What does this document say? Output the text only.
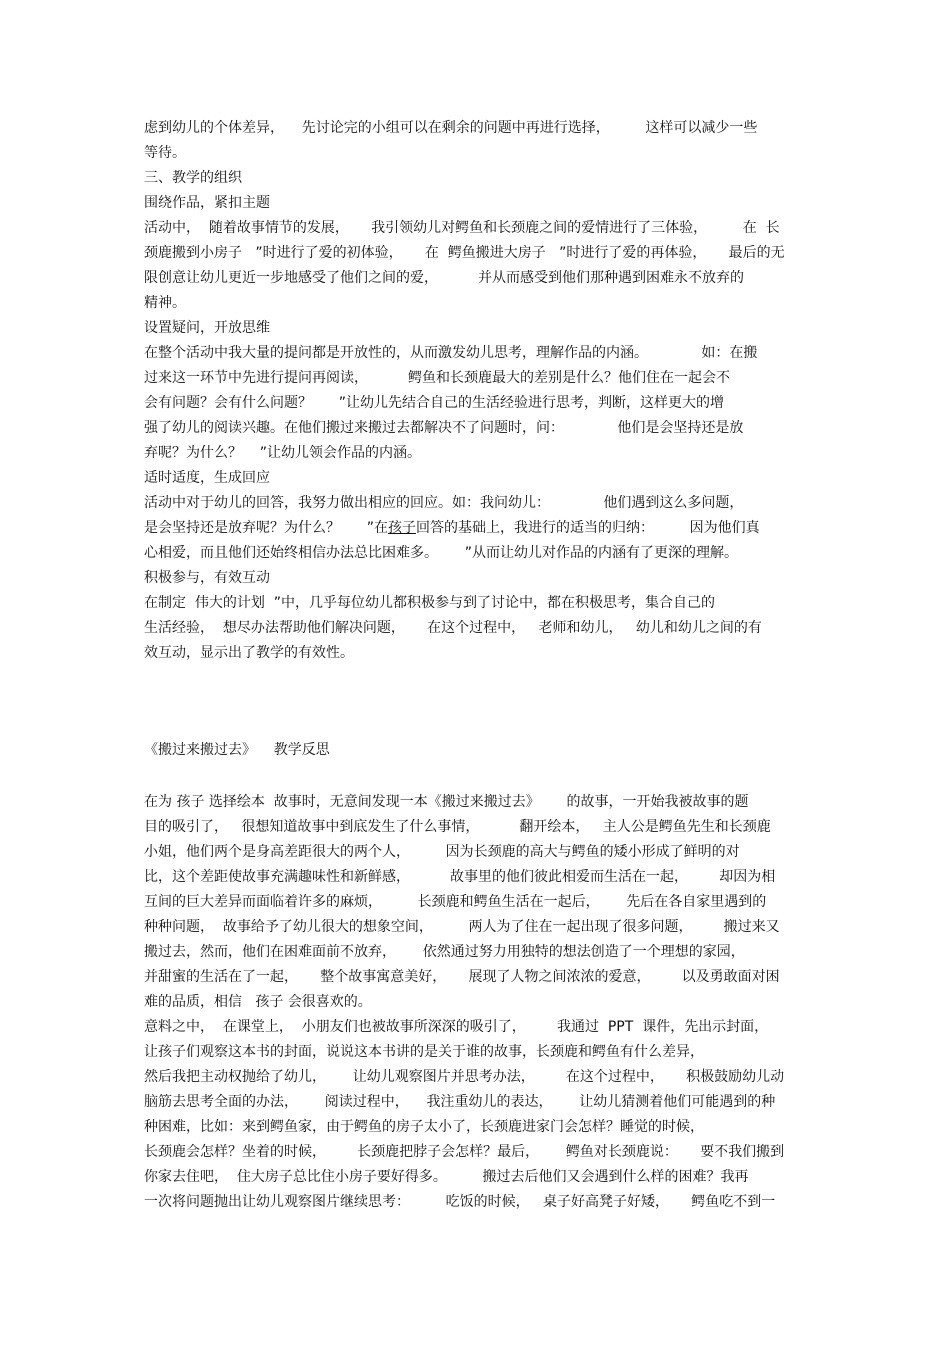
虑到幼儿的个体差异，    先讨论完的小组可以在剩余的问题中再进行选择，        这样可以减少一些
等待。
三、教学的组织
围绕作品，紧扣主题
活动中，  随着故事情节的发展，     我引领幼儿对鳄鱼和长颈鹿之间的爱情进行了三体验，        在  长
颈鹿搬到小房子   ”时进行了爱的初体验，     在  鳄鱼搬进大房子   ”时进行了爱的再体验，     最后的无
限创意让幼儿更近一步地感受了他们之间的爱，         并从而感受到他们那种遇到困难永不放弃的
精神。
设置疑问，开放思维
在整个活动中我大量的提问都是开放性的，从而激发幼儿思考，理解作品的内涵。            如：在搬
过来这一环节中先进行提问再阅读，         鳄鱼和长颈鹿最大的差别是什么？他们住在一起会不
会有问题？会有什么问题？      ”让幼儿先结合自己的生活经验进行思考，判断，这样更大的增
强了幼儿的阅读兴趣。在他们搬过来搬过去都解决不了问题时，问：            他们是会坚持还是放
弃呢？为什么？    ”让幼儿领会作品的内涵。
适时适度，生成回应
活动中对于幼儿的回答，我努力做出相应的回应。如：我问幼儿：            他们遇到这么多问题，
是会坚持还是放弃呢？为什么？      ”在孩子回答的基础上，我进行的适当的归纳：        因为他们真
心相爱，而且他们还始终相信办法总比困难多。      ”从而让幼儿对作品的内涵有了更深的理解。
积极参与，有效互动
在制定  伟大的计划  ”中，几乎每位幼儿都积极参与到了讨论中，都在积极思考，集合自己的
生活经验，  想尽办法帮助他们解决问题，     在这个过程中，   老师和幼儿，   幼儿和幼儿之间的有
效互动，显示出了教学的有效性。
《搬过来搬过去》    教学反思
在为 孩子 选择绘本  故事时，无意间发现一本《搬过来搬过去》      的故事，一开始我被故事的题
目的吸引了，   很想知道故事中到底发生了什么事情，         翻开绘本，   主人公是鳄鱼先生和长颈鹿
小姐，他们两个是身高差距很大的两个人，        因为长颈鹿的高大与鳄鱼的矮小形成了鲜明的对
比，这个差距使故事充满趣味性和新鲜感，         故事里的他们彼此相爱而生活在一起，       却因为相
互间的巨大差异而面临着许多的麻烦，        长颈鹿和鳄鱼生活在一起后，      先后在各自家里遇到的
种种问题，  故事给予了幼儿很大的想象空间，        两人为了住在一起出现了很多问题，       搬过来又
搬过去，然而，他们在困难面前不放弃，      依然通过努力用独特的想法创造了一个理想的家园，
并甜蜜的生活在了一起，     整个故事寓意美好，     展现了人物之间浓浓的爱意，       以及勇敢面对困
难的品质，相信   孩子 会很喜欢的。
意料之中，  在课堂上，  小朋友们也被故事所深深的吸引了，       我通过  PPT  课件，先出示封面，
让孩子们观察这本书的封面，说说这本书讲的是关于谁的故事，长颈鹿和鳄鱼有什么差异，
然后我把主动权抛给了幼儿，      让幼儿观察图片并思考办法，       在这个过程中，     积极鼓励幼儿动
脑筋去思考全面的办法，      阅读过程中，    我注重幼儿的表达，      让幼儿猜测着他们可能遇到的种
种困难，比如：来到鳄鱼家，由于鳄鱼的房子太小了，长颈鹿进家门会怎样？睡觉的时候，
长颈鹿会怎样？坐着的时候，       长颈鹿把脖子会怎样？最后，      鳄鱼对长颈鹿说：     要不我们搬到
你家去住吧，  住大房子总比住小房子要好得多。        搬过去后他们又会遇到什么样的困难？我再
一次将问题抛出让幼儿观察图片继续思考：        吃饭的时候，   桌子好高凳子好矮，     鳄鱼吃不到一
